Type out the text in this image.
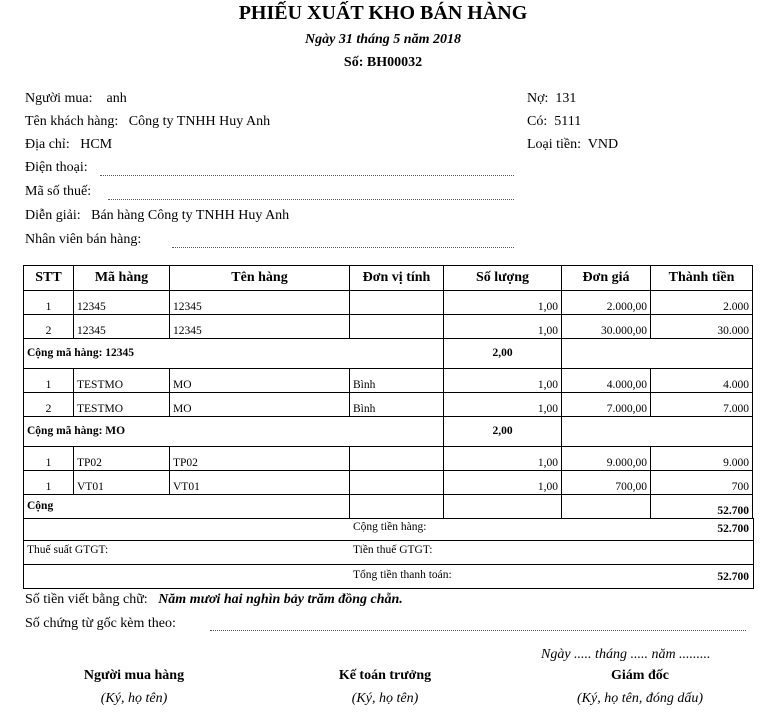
PHIẾU XUẤT KHO BÁN HÀNG
Ngày 31 tháng 5 năm 2018
Số: BH00032
Người mua: anh
Tên khách hàng: Công ty TNHH Huy Anh
Địa chỉ: HCM
Điện thoại:
Mã số thuế:
Diễn giải: Bán hàng Công ty TNHH Huy Anh
Nhân viên bán hàng:
Nợ: 131
Có: 5111
Loại tiền: VND
STT	Mã hàng	Tên hàng	Đơn vị tính	Số lượng	Đơn giá	Thành tiền
1	12345	12345		1,00	2.000,00	2.000
2	12345	12345		1,00	30.000,00	30.000
Cộng mã hàng: 12345				2,00		
1	TESTMO	MO	Bình	1,00	4.000,00	4.000
2	TESTMO	MO	Bình	1,00	7.000,00	7.000
Cộng mã hàng: MO				2,00		
1	TP02	TP02		1,00	9.000,00	9.000
1	VT01	VT01		1,00	700,00	700
Cộng						52.700
Cộng tiền hàng:	52.700
Thuế suất GTGT:	Tiền thuế GTGT:
Tổng tiền thanh toán:	52.700
Số tiền viết bằng chữ: Năm mươi hai nghìn bảy trăm đồng chẵn.
Số chứng từ gốc kèm theo:
Ngày ..... tháng ..... năm .........
Người mua hàng
(Ký, họ tên)
Kế toán trưởng
(Ký, họ tên)
Giám đốc
(Ký, họ tên, đóng dấu)
